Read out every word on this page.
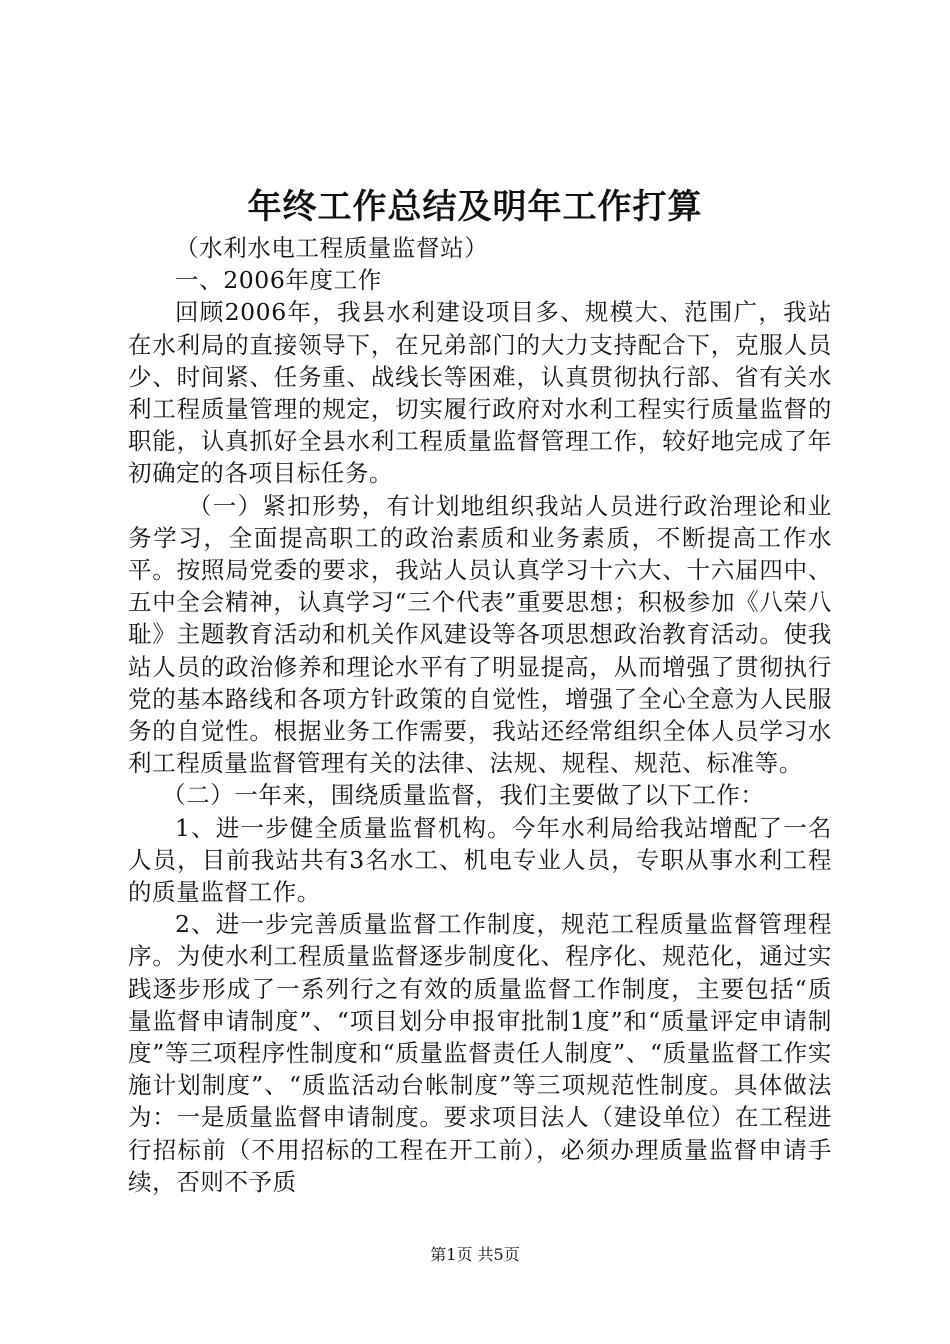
年终工作总结及明年工作打算

（水利水电工程质量监督站）

一、2006年度工作

回顾2006年，我县水利建设项目多、规模大、范围广，我站在水利局的直接领导下，在兄弟部门的大力支持配合下，克服人员少、时间紧、任务重、战线长等困难，认真贯彻执行部、省有关水利工程质量管理的规定，切实履行政府对水利工程实行质量监督的职能，认真抓好全县水利工程质量监督管理工作，较好地完成了年初确定的各项目标任务。

（一）紧扣形势，有计划地组织我站人员进行政治理论和业务学习，全面提高职工的政治素质和业务素质，不断提高工作水平。按照局党委的要求，我站人员认真学习十六大、十六届四中、五中全会精神，认真学习“三个代表”重要思想；积极参加《八荣八耻》主题教育活动和机关作风建设等各项思想政治教育活动。使我站人员的政治修养和理论水平有了明显提高，从而增强了贯彻执行党的基本路线和各项方针政策的自觉性，增强了全心全意为人民服务的自觉性。根据业务工作需要，我站还经常组织全体人员学习水利工程质量监督管理有关的法律、法规、规程、规范、标准等。

（二）一年来，围绕质量监督，我们主要做了以下工作：

1、进一步健全质量监督机构。今年水利局给我站增配了一名人员，目前我站共有3名水工、机电专业人员，专职从事水利工程的质量监督工作。

2、进一步完善质量监督工作制度，规范工程质量监督管理程序。为使水利工程质量监督逐步制度化、程序化、规范化，通过实践逐步形成了一系列行之有效的质量监督工作制度，主要包括“质量监督申请制度”、“项目划分申报审批制1度”和“质量评定申请制度”等三项程序性制度和“质量监督责任人制度”、“质量监督工作实施计划制度”、“质监活动台帐制度”等三项规范性制度。具体做法为：一是质量监督申请制度。要求项目法人（建设单位）在工程进行招标前（不用招标的工程在开工前），必须办理质量监督申请手续，否则不予质

第1页 共5页
